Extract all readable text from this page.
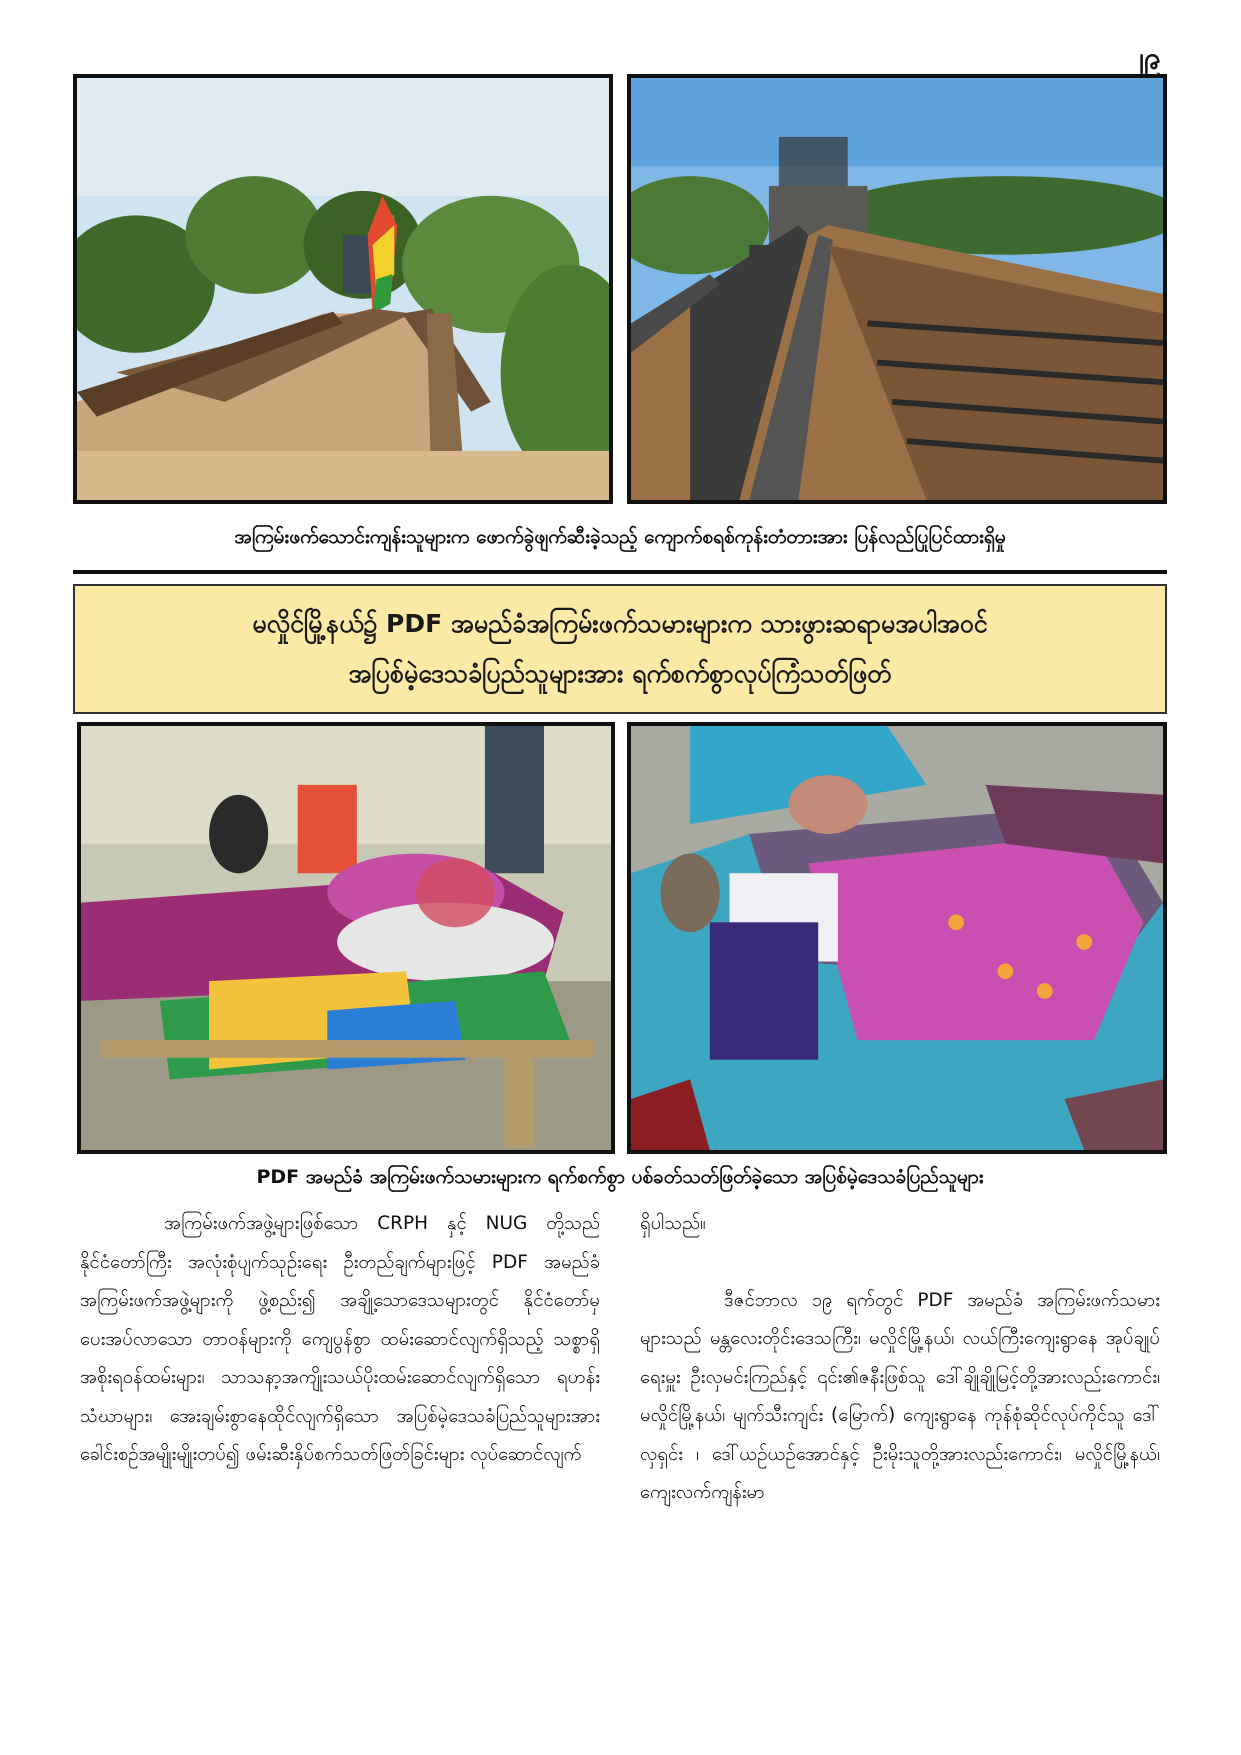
၂၉
အကြမ်းဖက်သောင်းကျန်းသူများက ဖောက်ခွဲဖျက်ဆီးခဲ့သည့် ကျောက်စရစ်ကုန်းတံတားအား ပြန်လည်ပြုပြင်ထားရှိမှု
မလှိုင်မြို့နယ်၌ PDF အမည်ခံအကြမ်းဖက်သမားများက သားဖွားဆရာမအပါအဝင်
အပြစ်မဲ့ဒေသခံပြည်သူများအား ရက်စက်စွာလုပ်ကြံသတ်ဖြတ်
PDF အမည်ခံ အကြမ်းဖက်သမားများက ရက်စက်စွာ ပစ်ခတ်သတ်ဖြတ်ခဲ့သော အပြစ်မဲ့ဒေသခံပြည်သူများ

အကြမ်းဖက်အဖွဲ့များဖြစ်သော CRPH နှင့် NUG တို့သည် နိုင်ငံတော်ကြီး အလုံးစုံပျက်သုဉ်းရေး ဦးတည်ချက်များဖြင့် PDF အမည်ခံ အကြမ်းဖက်အဖွဲ့များကို ဖွဲ့စည်း၍ အချို့သောဒေသများတွင် နိုင်ငံတော်မှ ပေးအပ်လာသော တာဝန်များကို ကျေပွန်စွာ ထမ်းဆောင်လျက်ရှိသည့် သစ္စာရှိ အစိုးရဝန်ထမ်းများ၊ သာသနာ့အကျိုးသယ်ပိုးထမ်းဆောင်လျက်ရှိသော ရဟန်းသံဃာများ၊ အေးချမ်းစွာနေထိုင်လျက်ရှိသော အပြစ်မဲ့ဒေသခံပြည်သူများအား ခေါင်းစဉ်အမျိုးမျိုးတပ်၍ ဖမ်းဆီးနှိပ်စက်သတ်ဖြတ်ခြင်းများ လုပ်ဆောင်လျက်

ရှိပါသည်။

ဒီဇင်ဘာလ ၁၉ ရက်တွင် PDF အမည်ခံ အကြမ်းဖက်သမားများသည် မန္တလေးတိုင်းဒေသကြီး၊ မလှိုင်မြို့နယ်၊ လယ်ကြီးကျေးရွာနေ အုပ်ချုပ်ရေးမှူး ဦးလှမင်းကြည်နှင့် ၎င်း၏ဇနီးဖြစ်သူ ဒေါ်ချိုချိုမြင့်တို့အားလည်းကောင်း၊ မလှိုင်မြို့နယ်၊ မျက်သီးကျင်း (မြောက်) ကျေးရွာနေ ကုန်စုံဆိုင်လုပ်ကိုင်သူ ဒေါ်လှရှင်း ၊ ဒေါ်ယဉ်ယဉ်အောင်နှင့် ဦးမိုးသူတို့အားလည်းကောင်း၊ မလှိုင်မြို့နယ်၊ ကျေးလက်ကျန်းမာ
